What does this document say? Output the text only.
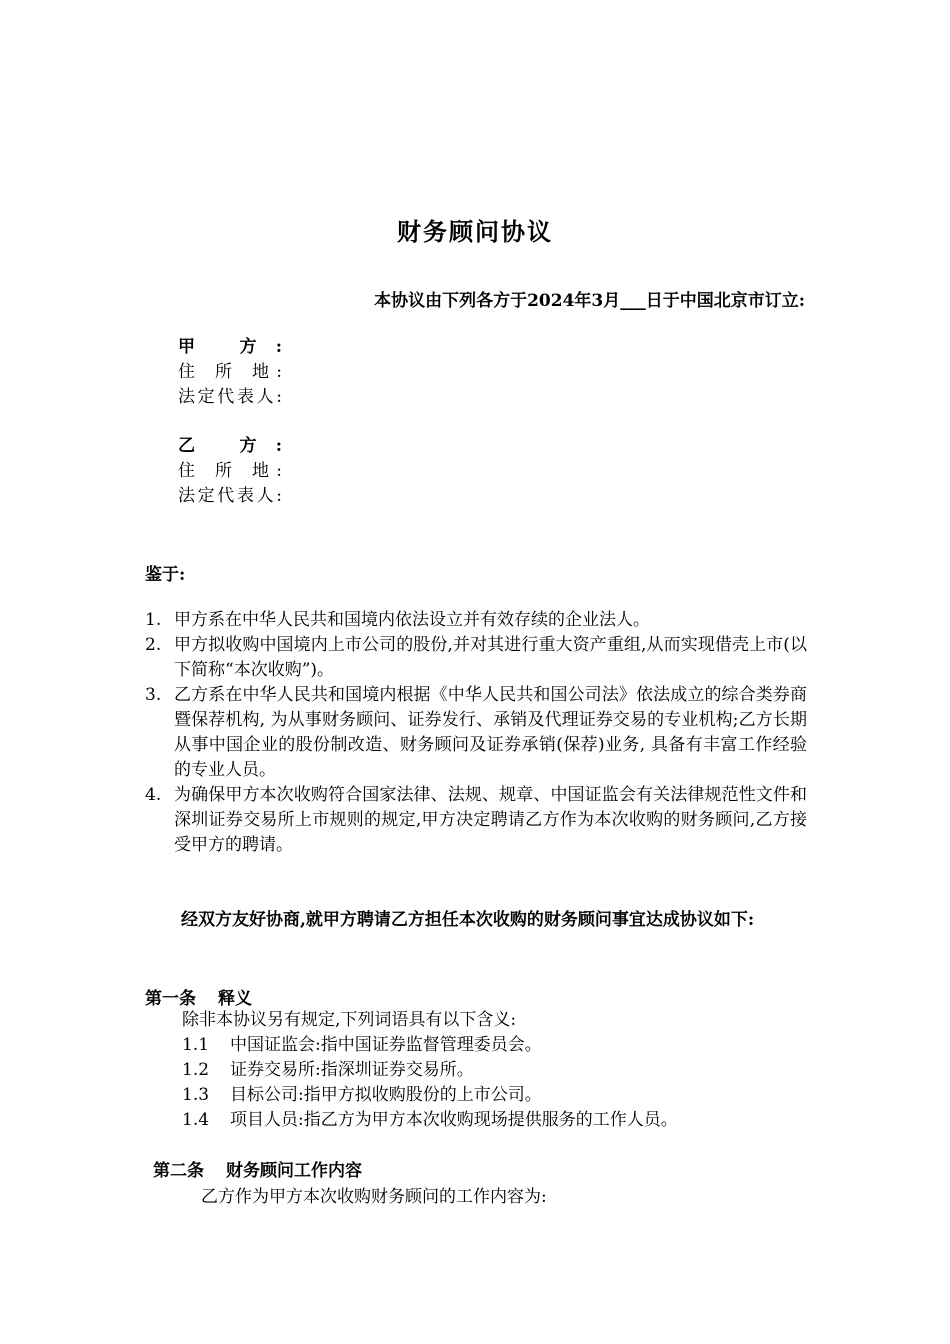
财务顾问协议
本协议由下列各方于2024年3月___日于中国北京市订立:
甲 方:
住 所 地:
法定代表人:
乙 方:
住 所 地:
法定代表人:
鉴于:
1. 甲方系在中华人民共和国境内依法设立并有效存续的企业法人。
2. 甲方拟收购中国境内上市公司的股份,并对其进行重大资产重组,从而实现借壳上市(以下简称“本次收购”)。
3. 乙方系在中华人民共和国境内根据《中华人民共和国公司法》依法成立的综合类券商暨保荐机构, 为从事财务顾问、证券发行、承销及代理证券交易的专业机构;乙方长期从事中国企业的股份制改造、财务顾问及证券承销(保荐)业务, 具备有丰富工作经验的专业人员。
4. 为确保甲方本次收购符合国家法律、法规、规章、中国证监会有关法律规范性文件和深圳证券交易所上市规则的规定,甲方决定聘请乙方作为本次收购的财务顾问,乙方接受甲方的聘请。
经双方友好协商,就甲方聘请乙方担任本次收购的财务顾问事宜达成协议如下:
第一条 释义
除非本协议另有规定,下列词语具有以下含义:
1.1 中国证监会:指中国证券监督管理委员会。
1.2 证券交易所:指深圳证券交易所。
1.3 目标公司:指甲方拟收购股份的上市公司。
1.4 项目人员:指乙方为甲方本次收购现场提供服务的工作人员。
第二条 财务顾问工作内容
乙方作为甲方本次收购财务顾问的工作内容为:
